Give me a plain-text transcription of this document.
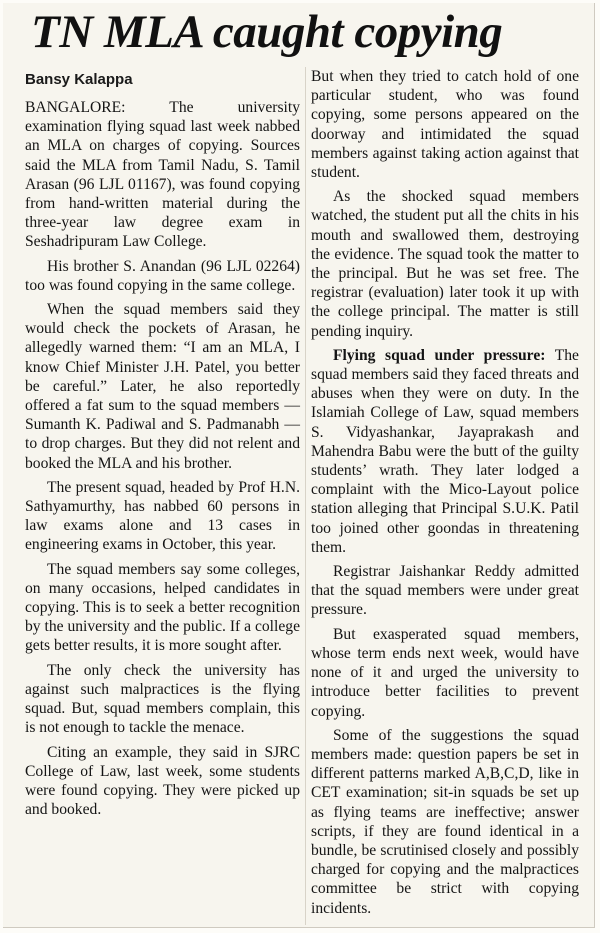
TN MLA caught copying
Bansy Kalappa

BANGALORE:	The university examination flying squad last week nabbed an MLA on charges of copying. Sources said the MLA from Tamil Nadu, S. Tamil Arasan (96 LJL 01167), was found copying from hand-written material during the three-year law degree exam in Seshadripuram Law College.

His brother S. Anandan (96 LJL 02264) too was found copying in the same college.

When the squad members said they would check the pockets of Arasan, he allegedly warned them: “I am an MLA, I know Chief Minister J.H. Patel, you better be careful.” Later, he also reportedly offered a fat sum to the squad members — Sumanth K. Padiwal and S. Padmanabh — to drop charges. But they did not relent and booked the MLA and his brother.

The present squad, headed by Prof H.N. Sathyamurthy, has nabbed 60 persons in law exams alone and 13 cases in engineering exams in October, this year.

The squad members say some colleges, on many occasions, helped candidates in copying. This is to seek a better recognition by the university and the public. If a college gets better results, it is more sought after.

The only check the university has against such malpractices is the flying squad. But, squad members complain, this is not enough to tackle the menace.

Citing an example, they said in SJRC College of Law, last week, some students were found copying. They were picked up and booked.

But when they tried to catch hold of one particular student, who was found copying, some persons appeared on the doorway and intimidated the squad members against taking action against that student.

As the shocked squad members watched, the student put all the chits in his mouth and swallowed them, destroying the evidence. The squad took the matter to the principal. But he was set free. The registrar (evaluation) later took it up with the college principal. The matter is still pending inquiry.

Flying squad under pressure: The squad members said they faced threats and abuses when they were on duty. In the Islamiah College of Law, squad members S. Vidyashankar, Jayaprakash and Mahendra Babu were the butt of the guilty students’ wrath. They later lodged a complaint with the Mico-Layout police station alleging that Principal S.U.K. Patil too joined other goondas in threatening them.

Registrar Jaishankar Reddy admitted that the squad members were under great pressure.

But exasperated squad members, whose term ends next week, would have none of it and urged the university to introduce better facilities to prevent copying.

Some of the suggestions the squad members made: question papers be set in different patterns marked A,B,C,D, like in CET examination; sit-in squads be set up as flying teams are ineffective; answer scripts, if they are found identical in a bundle, be scrutinised closely and possibly charged for copying and the malpractices committee be strict with copying incidents.
